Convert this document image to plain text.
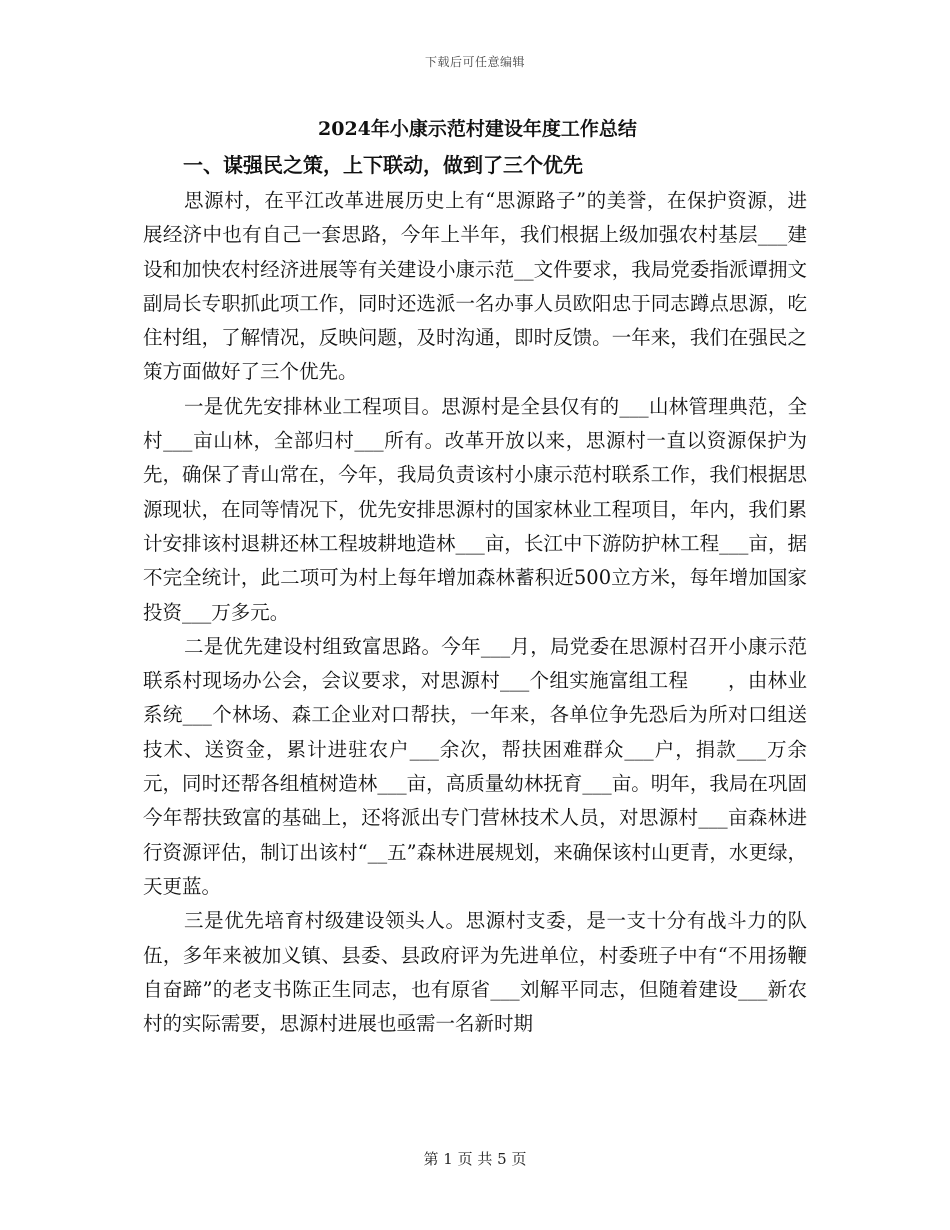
下载后可任意编辑
2024年小康示范村建设年度工作总结
一、谋强民之策，上下联动，做到了三个优先

思源村，在平江改革进展历史上有“思源路子”的美誉，在保护资源，进展经济中也有自己一套思路，今年上半年，我们根据上级加强农村基层___建设和加快农村经济进展等有关建设小康示范__文件要求，我局党委指派谭拥文副局长专职抓此项工作，同时还选派一名办事人员欧阳忠于同志蹲点思源，吃住村组，了解情况，反映问题，及时沟通，即时反馈。一年来，我们在强民之策方面做好了三个优先。

一是优先安排林业工程项目。思源村是全县仅有的___山林管理典范，全村___亩山林，全部归村___所有。改革开放以来，思源村一直以资源保护为先，确保了青山常在，今年，我局负责该村小康示范村联系工作，我们根据思源现状，在同等情况下，优先安排思源村的国家林业工程项目，年内，我们累计安排该村退耕还林工程坡耕地造林___亩，长江中下游防护林工程___亩，据不完全统计，此二项可为村上每年增加森林蓄积近500立方米，每年增加国家投资___万多元。

二是优先建设村组致富思路。今年___月，局党委在思源村召开小康示范联系村现场办公会，会议要求，对思源村___个组实施富组工程　　，由林业系统___个林场、森工企业对口帮扶，一年来，各单位争先恐后为所对口组送技术、送资金，累计进驻农户___余次，帮扶困难群众___户，捐款___万余元，同时还帮各组植树造林___亩，高质量幼林抚育___亩。明年，我局在巩固今年帮扶致富的基础上，还将派出专门营林技术人员，对思源村___亩森林进行资源评估，制订出该村“__五”森林进展规划，来确保该村山更青，水更绿，天更蓝。

三是优先培育村级建设领头人。思源村支委，是一支十分有战斗力的队伍，多年来被加义镇、县委、县政府评为先进单位，村委班子中有“不用扬鞭自奋蹄”的老支书陈正生同志，也有原省___刘解平同志，但随着建设___新农村的实际需要，思源村进展也亟需一名新时期

第 1 页 共 5 页
